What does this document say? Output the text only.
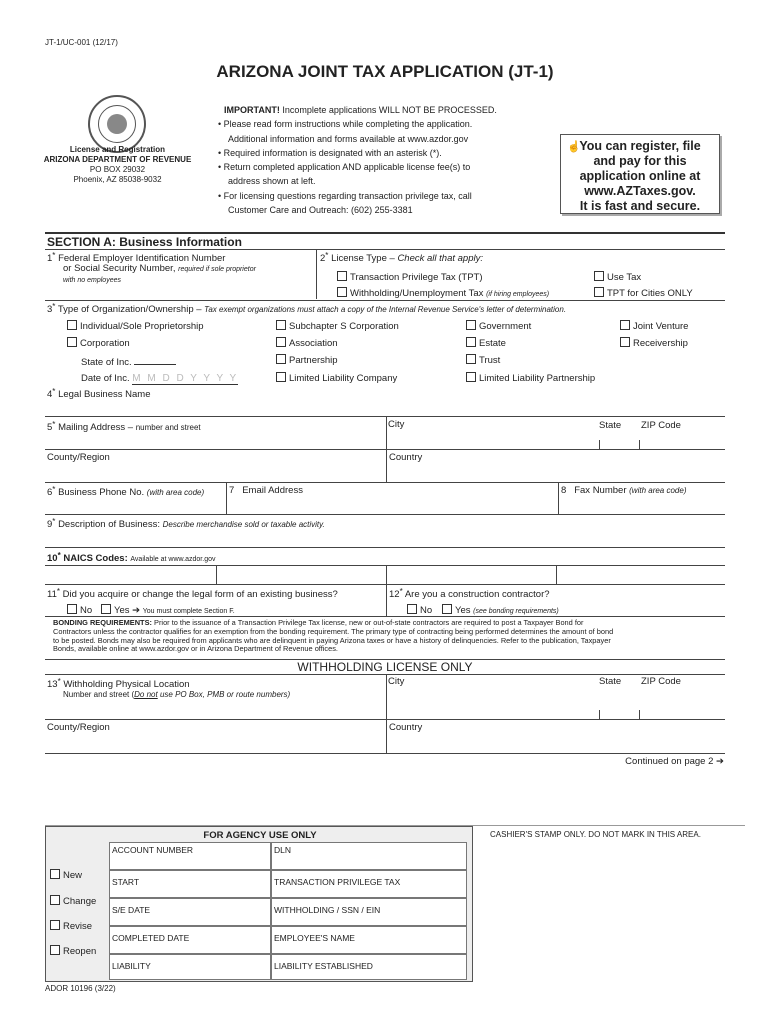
JT-1/UC-001 (12/17)
ARIZONA JOINT TAX APPLICATION (JT-1)
License and Registration
ARIZONA DEPARTMENT OF REVENUE
PO BOX 29032
Phoenix, AZ 85038-9032
IMPORTANT! Incomplete applications WILL NOT BE PROCESSED.
• Please read form instructions while completing the application.
Additional information and forms available at www.azdor.gov
• Required information is designated with an asterisk (*).
• Return completed application AND applicable license fee(s) to
address shown at left.
• For licensing questions regarding transaction privilege tax, call
Customer Care and Outreach: (602) 255-3381
☝
You can register, file
and pay for this
application online at
www.AZTaxes.gov.
It is fast and secure.
SECTION A: Business Information
1* Federal Employer Identification Number
or Social Security Number, required if sole proprietor
with no employees
2* License Type – Check all that apply:
Transaction Privilege Tax (TPT)
Withholding/Unemployment Tax (if hiring employees)
Use Tax
TPT for Cities ONLY
3* Type of Organization/Ownership – Tax exempt organizations must attach a copy of the Internal Revenue Service's letter of determination.
Individual/Sole Proprietorship
Corporation
State of Inc.
Date of Inc. M M D D Y Y Y Y
Subchapter S Corporation
Association
Partnership
Limited Liability Company
Government
Estate
Trust
Limited Liability Partnership
Joint Venture
Receivership
4* Legal Business Name
5* Mailing Address – number and street	City	State ZIP Code
County/Region	Country
6* Business Phone No. (with area code)	7 Email Address	8 Fax Number (with area code)
9* Description of Business: Describe merchandise sold or taxable activity.
10* NAICS Codes: Available at www.azdor.gov
11* Did you acquire or change the legal form of an existing business?
No	Yes ➔ You must complete Section F.
12* Are you a construction contractor?
No	Yes (see bonding requirements)
BONDING REQUIREMENTS: Prior to the issuance of a Transaction Privilege Tax license, new or out-of-state contractors are required to post a Taxpayer Bond for
Contractors unless the contractor qualifies for an exemption from the bonding requirement. The primary type of contracting being performed determines the amount of bond
to be posted. Bonds may also be required from applicants who are delinquent in paying Arizona taxes or have a history of delinquencies. Refer to the publication, Taxpayer
Bonds, available online at www.azdor.gov or in Arizona Department of Revenue offices.
WITHHOLDING LICENSE ONLY
13* Withholding Physical Location
Number and street (Do not use PO Box, PMB or route numbers)
City	State ZIP Code
County/Region	Country
Continued on page 2 ➔
FOR AGENCY USE ONLY
ACCOUNT NUMBER	DLN
START	TRANSACTION PRIVILEGE TAX
S/E DATE	WITHHOLDING / SSN / EIN
COMPLETED DATE	EMPLOYEE'S NAME
LIABILITY	LIABILITY ESTABLISHED
New
Change
Revise
Reopen
CASHIER'S STAMP ONLY. DO NOT MARK IN THIS AREA.
ADOR 10196 (3/22)
